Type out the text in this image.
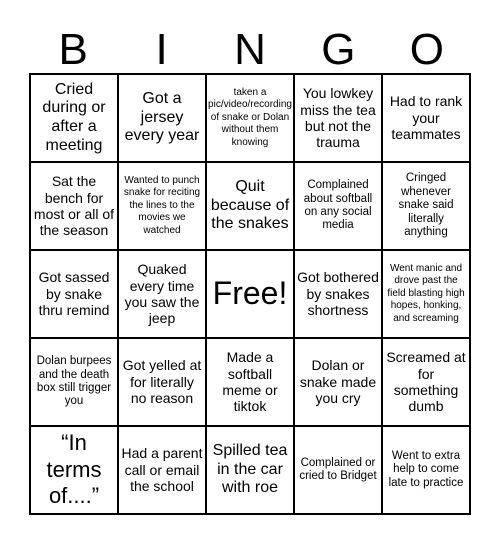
B	I	N	G	O
Cried during or after a meeting
Got a jersey every year
taken a pic/video/recording of snake or Dolan without them knowing
You lowkey miss the tea but not the trauma
Had to rank your teammates
Sat the bench for most or all of the season
Wanted to punch snake for reciting the lines to the movies we watched
Quit because of the snakes
Complained about softball on any social media
Cringed whenever snake said literally anything
Got sassed by snake thru remind
Quaked every time you saw the jeep
Free! Got bothered by snakes shortness
Went manic and drove past the field blasting high hopes, honking, and screaming
Dolan burpees and the death box still trigger you
Got yelled at for literally no reason
Made a softball meme or tiktok
Dolan or snake made you cry
Screamed at for something dumb
“In terms of....”
Had a parent call or email the school
Spilled tea in the car with roe
Complained or cried to Bridget
Went to extra help to come late to practice
